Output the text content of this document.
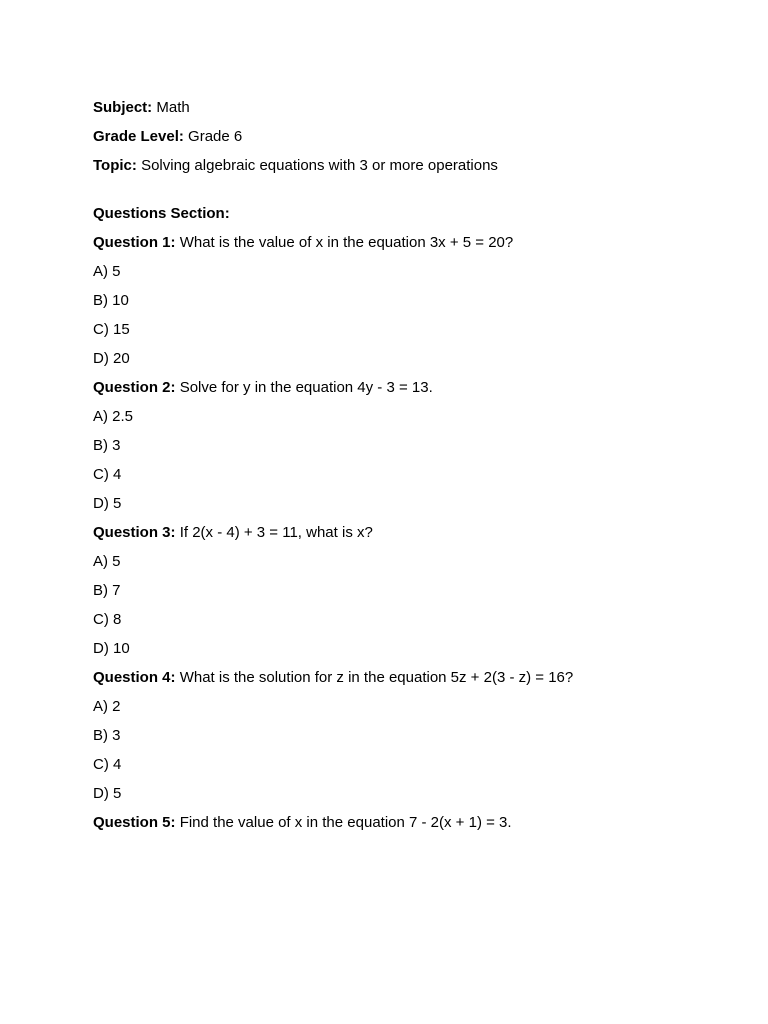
Subject: Math
Grade Level: Grade 6
Topic: Solving algebraic equations with 3 or more operations
Questions Section:
Question 1: What is the value of x in the equation 3x + 5 = 20?
A) 5
B) 10
C) 15
D) 20
Question 2: Solve for y in the equation 4y - 3 = 13.
A) 2.5
B) 3
C) 4
D) 5
Question 3: If 2(x - 4) + 3 = 11, what is x?
A) 5
B) 7
C) 8
D) 10
Question 4: What is the solution for z in the equation 5z + 2(3 - z) = 16?
A) 2
B) 3
C) 4
D) 5
Question 5: Find the value of x in the equation 7 - 2(x + 1) = 3.
